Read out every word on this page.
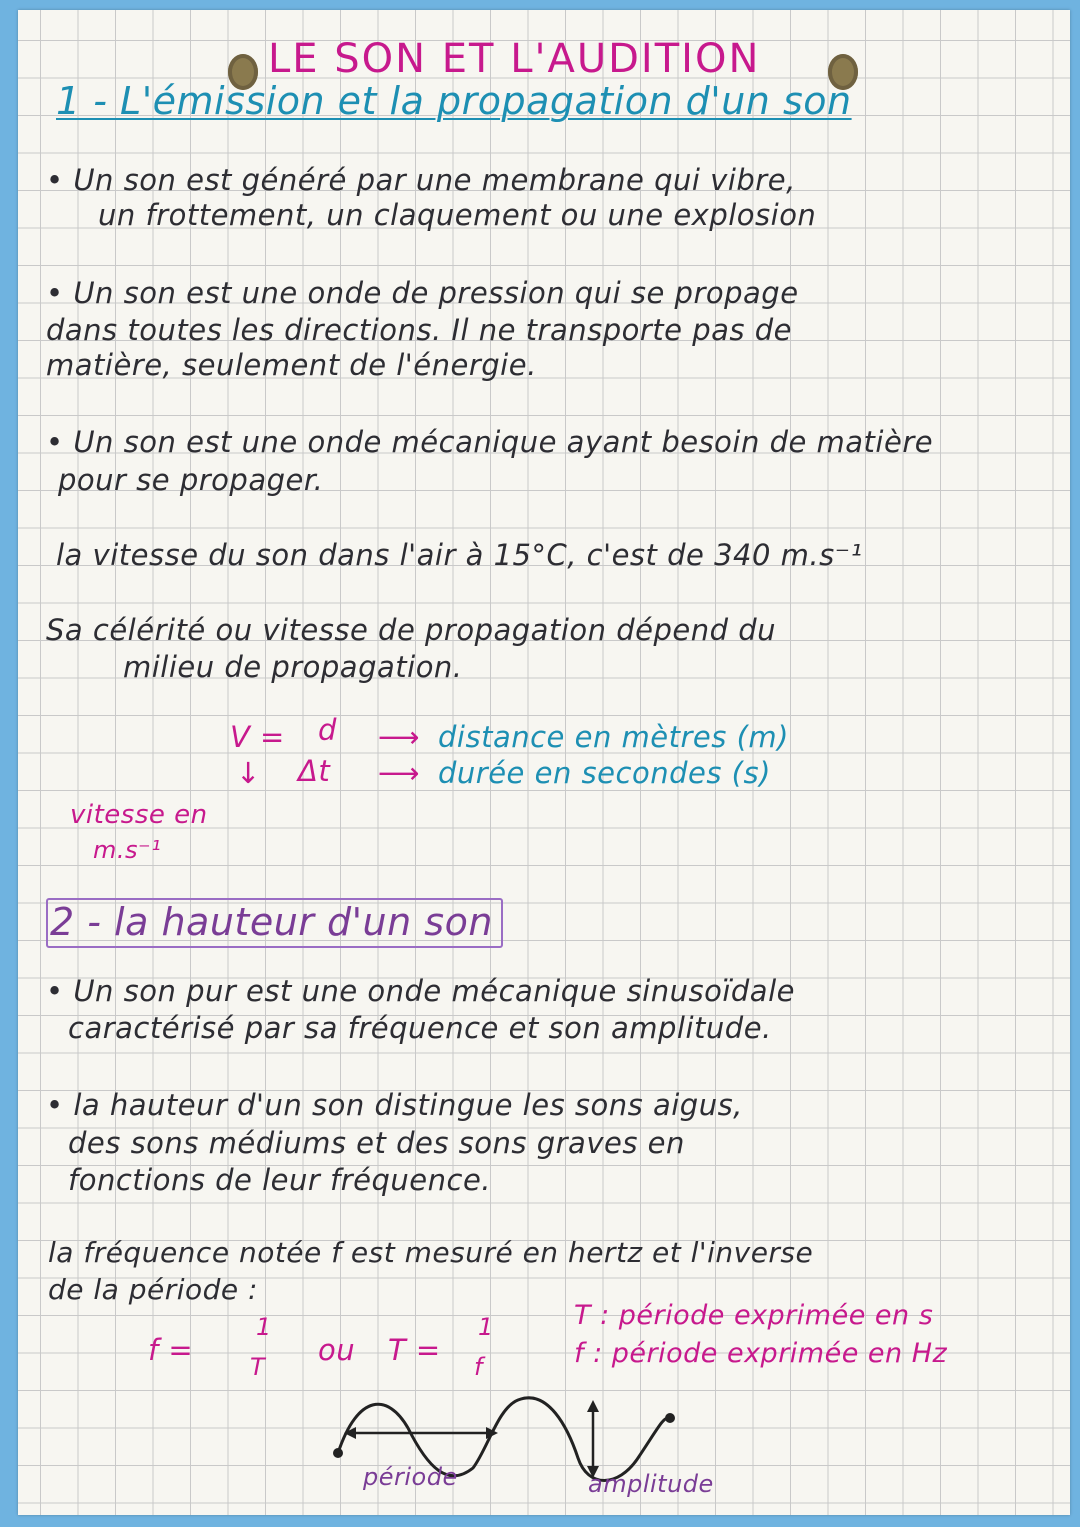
LE SON ET L'AUDITION
1 - L'émission et la propagation d'un son
• Un son est généré par une membrane qui vibre,
un frottement, un claquement ou une explosion
• Un son est une onde de pression qui se propage
dans toutes les directions. Il ne transporte pas de
matière, seulement de l'énergie.
• Un son est une onde mécanique ayant besoin de matière
pour se propager.
la vitesse du son dans l'air à 15°C, c'est de 340 m.s⁻¹
Sa célérité ou vitesse de propagation dépend du
milieu de propagation.
V = d
Δt
⟶
⟶
↓
distance en mètres (m)
durée en secondes (s)
vitesse en
m.s⁻¹
2 - la hauteur d'un son
• Un son pur est une onde mécanique sinusoïdale
caractérisé par sa fréquence et son amplitude.
• la hauteur d'un son distingue les sons aigus,
des sons médiums et des sons graves en
fonctions de leur fréquence.
la fréquence notée f est mesuré en hertz et l'inverse
de la période :
f =
1
T ou T =
1
f
T : période exprimée en s
f : période exprimée en Hz
période	amplitude
